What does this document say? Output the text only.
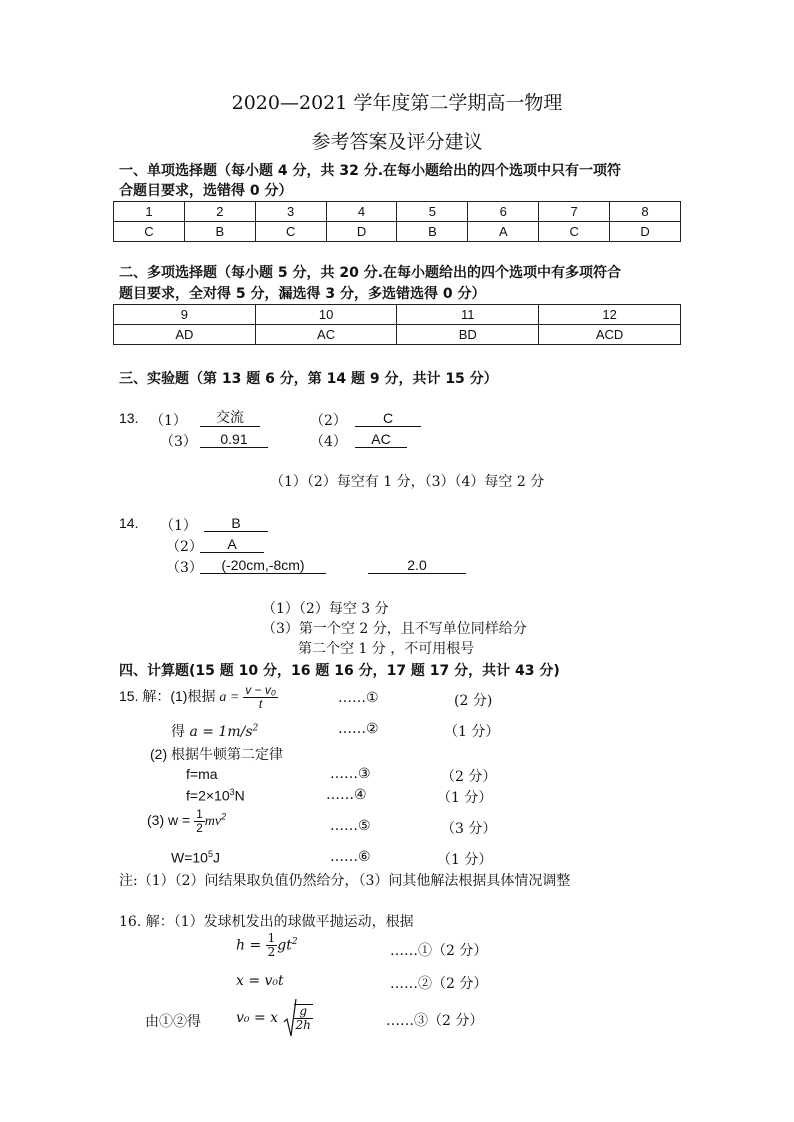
2020—2021 学年度第二学期高一物理
参考答案及评分建议
一、单项选择题（每小题 4 分，共 32 分.在每小题给出的四个选项中只有一项符
合题目要求，选错得 0 分）
1	2	3	4	5	6	7	8
C	B	C	D	B	A	C	D
二、多项选择题（每小题 5 分，共 20 分.在每小题给出的四个选项中有多项符合
题目要求，全对得 5 分，漏选得 3 分，多选错选得 0 分）
9	10	11	12
AD	AC	BD	ACD
三、实验题（第 13 题 6 分，第 14 题 9 分，共计 15 分）
13. （1）	交流	（2）	C
（3）	0.91	（4）	AC
（1）（2）每空有 1 分，（3）（4）每空 2 分
14. （1）	B
（2）	A
（3）	(-20cm,-8cm)	2.0
（1）（2）每空 3 分
（3）第一个空 2 分，且不写单位同样给分
第二个空 1 分 ，不可用根号
四、计算题(15 题 10 分，16 题 16 分，17 题 17 分，共计 43 分)
15. 解：(1)根据 $a = \frac{\text{v − v₀}}{t}$	……①	(2 分)
得 $a = 1m/s^2$	……②	（1 分）
(2) 根据牛顿第二定律
f=ma	……③	（2 分）
$f=2\times 10^3N$	……④	（1 分）
(3) $w = \frac{1}{2} mv^2$
……⑤	（3 分）
$W=10^5J$	……⑥	（1 分）
注:（1）（2）问结果取负值仍然给分，（3）问其他解法根据具体情况调整
16. 解：（1）发球机发出的球做平抛运动，根据
$h = \frac{1}{2} gt^2$
……①（2 分）
x = v₀t	……②（2 分）
由①②得	v₀ = x $\frac{g}{2h}$	……③（2 分）
